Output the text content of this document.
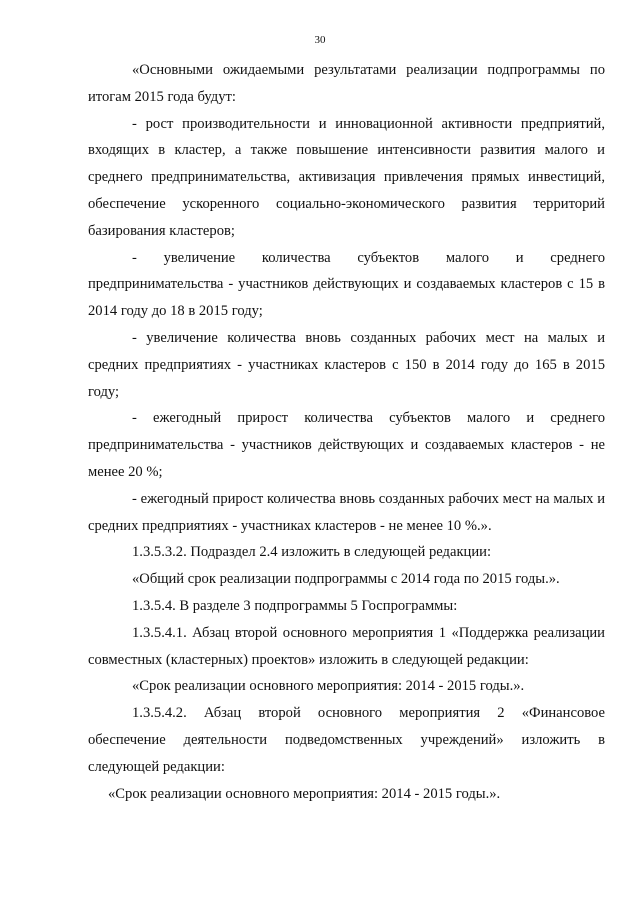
30

«Основными ожидаемыми результатами реализации подпрограммы по итогам 2015 года будут:

- рост производительности и инновационной активности предприятий, входящих в кластер, а также повышение интенсивности развития малого и среднего предпринимательства, активизация привлечения прямых инвестиций, обеспечение ускоренного социально-экономического развития территорий базирования кластеров;

- увеличение количества субъектов малого и среднего предпринимательства - участников действующих и создаваемых кластеров с 15 в 2014 году до 18 в 2015 году;

- увеличение количества вновь созданных рабочих мест на малых и средних предприятиях - участниках кластеров с 150 в 2014 году до 165 в 2015 году;

- ежегодный прирост количества субъектов малого и среднего предпринимательства - участников действующих и создаваемых кластеров - не менее 20 %;

- ежегодный прирост количества вновь созданных рабочих мест на малых и средних предприятиях - участниках кластеров - не менее 10 %.».

1.3.5.3.2. Подраздел 2.4 изложить в следующей редакции:

«Общий срок реализации подпрограммы с 2014 года по 2015 годы.».

1.3.5.4. В разделе 3 подпрограммы 5 Госпрограммы:

1.3.5.4.1. Абзац второй основного мероприятия 1 «Поддержка реализации совместных (кластерных) проектов» изложить в следующей редакции:

«Срок реализации основного мероприятия: 2014 - 2015 годы.».

1.3.5.4.2. Абзац второй основного мероприятия 2 «Финансовое обеспечение деятельности подведомственных учреждений» изложить в следующей редакции:

«Срок реализации основного мероприятия: 2014 - 2015 годы.».
